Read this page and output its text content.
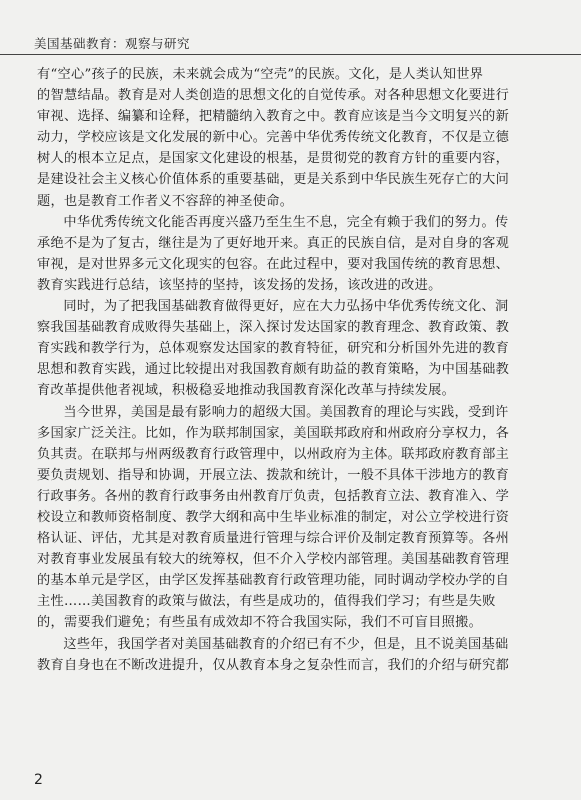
美国基础教育：观察与研究

有“空心”孩子的民族，未来就会成为“空壳”的民族。文化，是人类认知世界
的智慧结晶。教育是对人类创造的思想文化的自觉传承。对各种思想文化要进行
审视、选择、编纂和诠释，把精髓纳入教育之中。教育应该是当今文明复兴的新
动力，学校应该是文化发展的新中心。完善中华优秀传统文化教育，不仅是立德
树人的根本立足点，是国家文化建设的根基，是贯彻党的教育方针的重要内容，
是建设社会主义核心价值体系的重要基础，更是关系到中华民族生死存亡的大问
题，也是教育工作者义不容辞的神圣使命。

中华优秀传统文化能否再度兴盛乃至生生不息，完全有赖于我们的努力。传
承绝不是为了复古，继往是为了更好地开来。真正的民族自信，是对自身的客观
审视，是对世界多元文化现实的包容。在此过程中，要对我国传统的教育思想、
教育实践进行总结，该坚持的坚持，该发扬的发扬，该改进的改进。

同时，为了把我国基础教育做得更好，应在大力弘扬中华优秀传统文化、洞
察我国基础教育成败得失基础上，深入探讨发达国家的教育理念、教育政策、教
育实践和教学行为，总体观察发达国家的教育特征，研究和分析国外先进的教育
思想和教育实践，通过比较提出对我国教育颇有助益的教育策略，为中国基础教
育改革提供他者视域，积极稳妥地推动我国教育深化改革与持续发展。

当今世界，美国是最有影响力的超级大国。美国教育的理论与实践，受到许
多国家广泛关注。比如，作为联邦制国家，美国联邦政府和州政府分享权力，各
负其责。在联邦与州两级教育行政管理中，以州政府为主体。联邦政府教育部主
要负责规划、指导和协调，开展立法、拨款和统计，一般不具体干涉地方的教育
行政事务。各州的教育行政事务由州教育厅负责，包括教育立法、教育准入、学
校设立和教师资格制度、教学大纲和高中生毕业标准的制定，对公立学校进行资
格认证、评估，尤其是对教育质量进行管理与综合评价及制定教育预算等。各州
对教育事业发展虽有较大的统筹权，但不介入学校内部管理。美国基础教育管理
的基本单元是学区，由学区发挥基础教育行政管理功能，同时调动学校办学的自
主性……美国教育的政策与做法，有些是成功的，值得我们学习；有些是失败
的，需要我们避免；有些虽有成效却不符合我国实际，我们不可盲目照搬。

这些年，我国学者对美国基础教育的介绍已有不少，但是，且不说美国基础
教育自身也在不断改进提升，仅从教育本身之复杂性而言，我们的介绍与研究都

2
